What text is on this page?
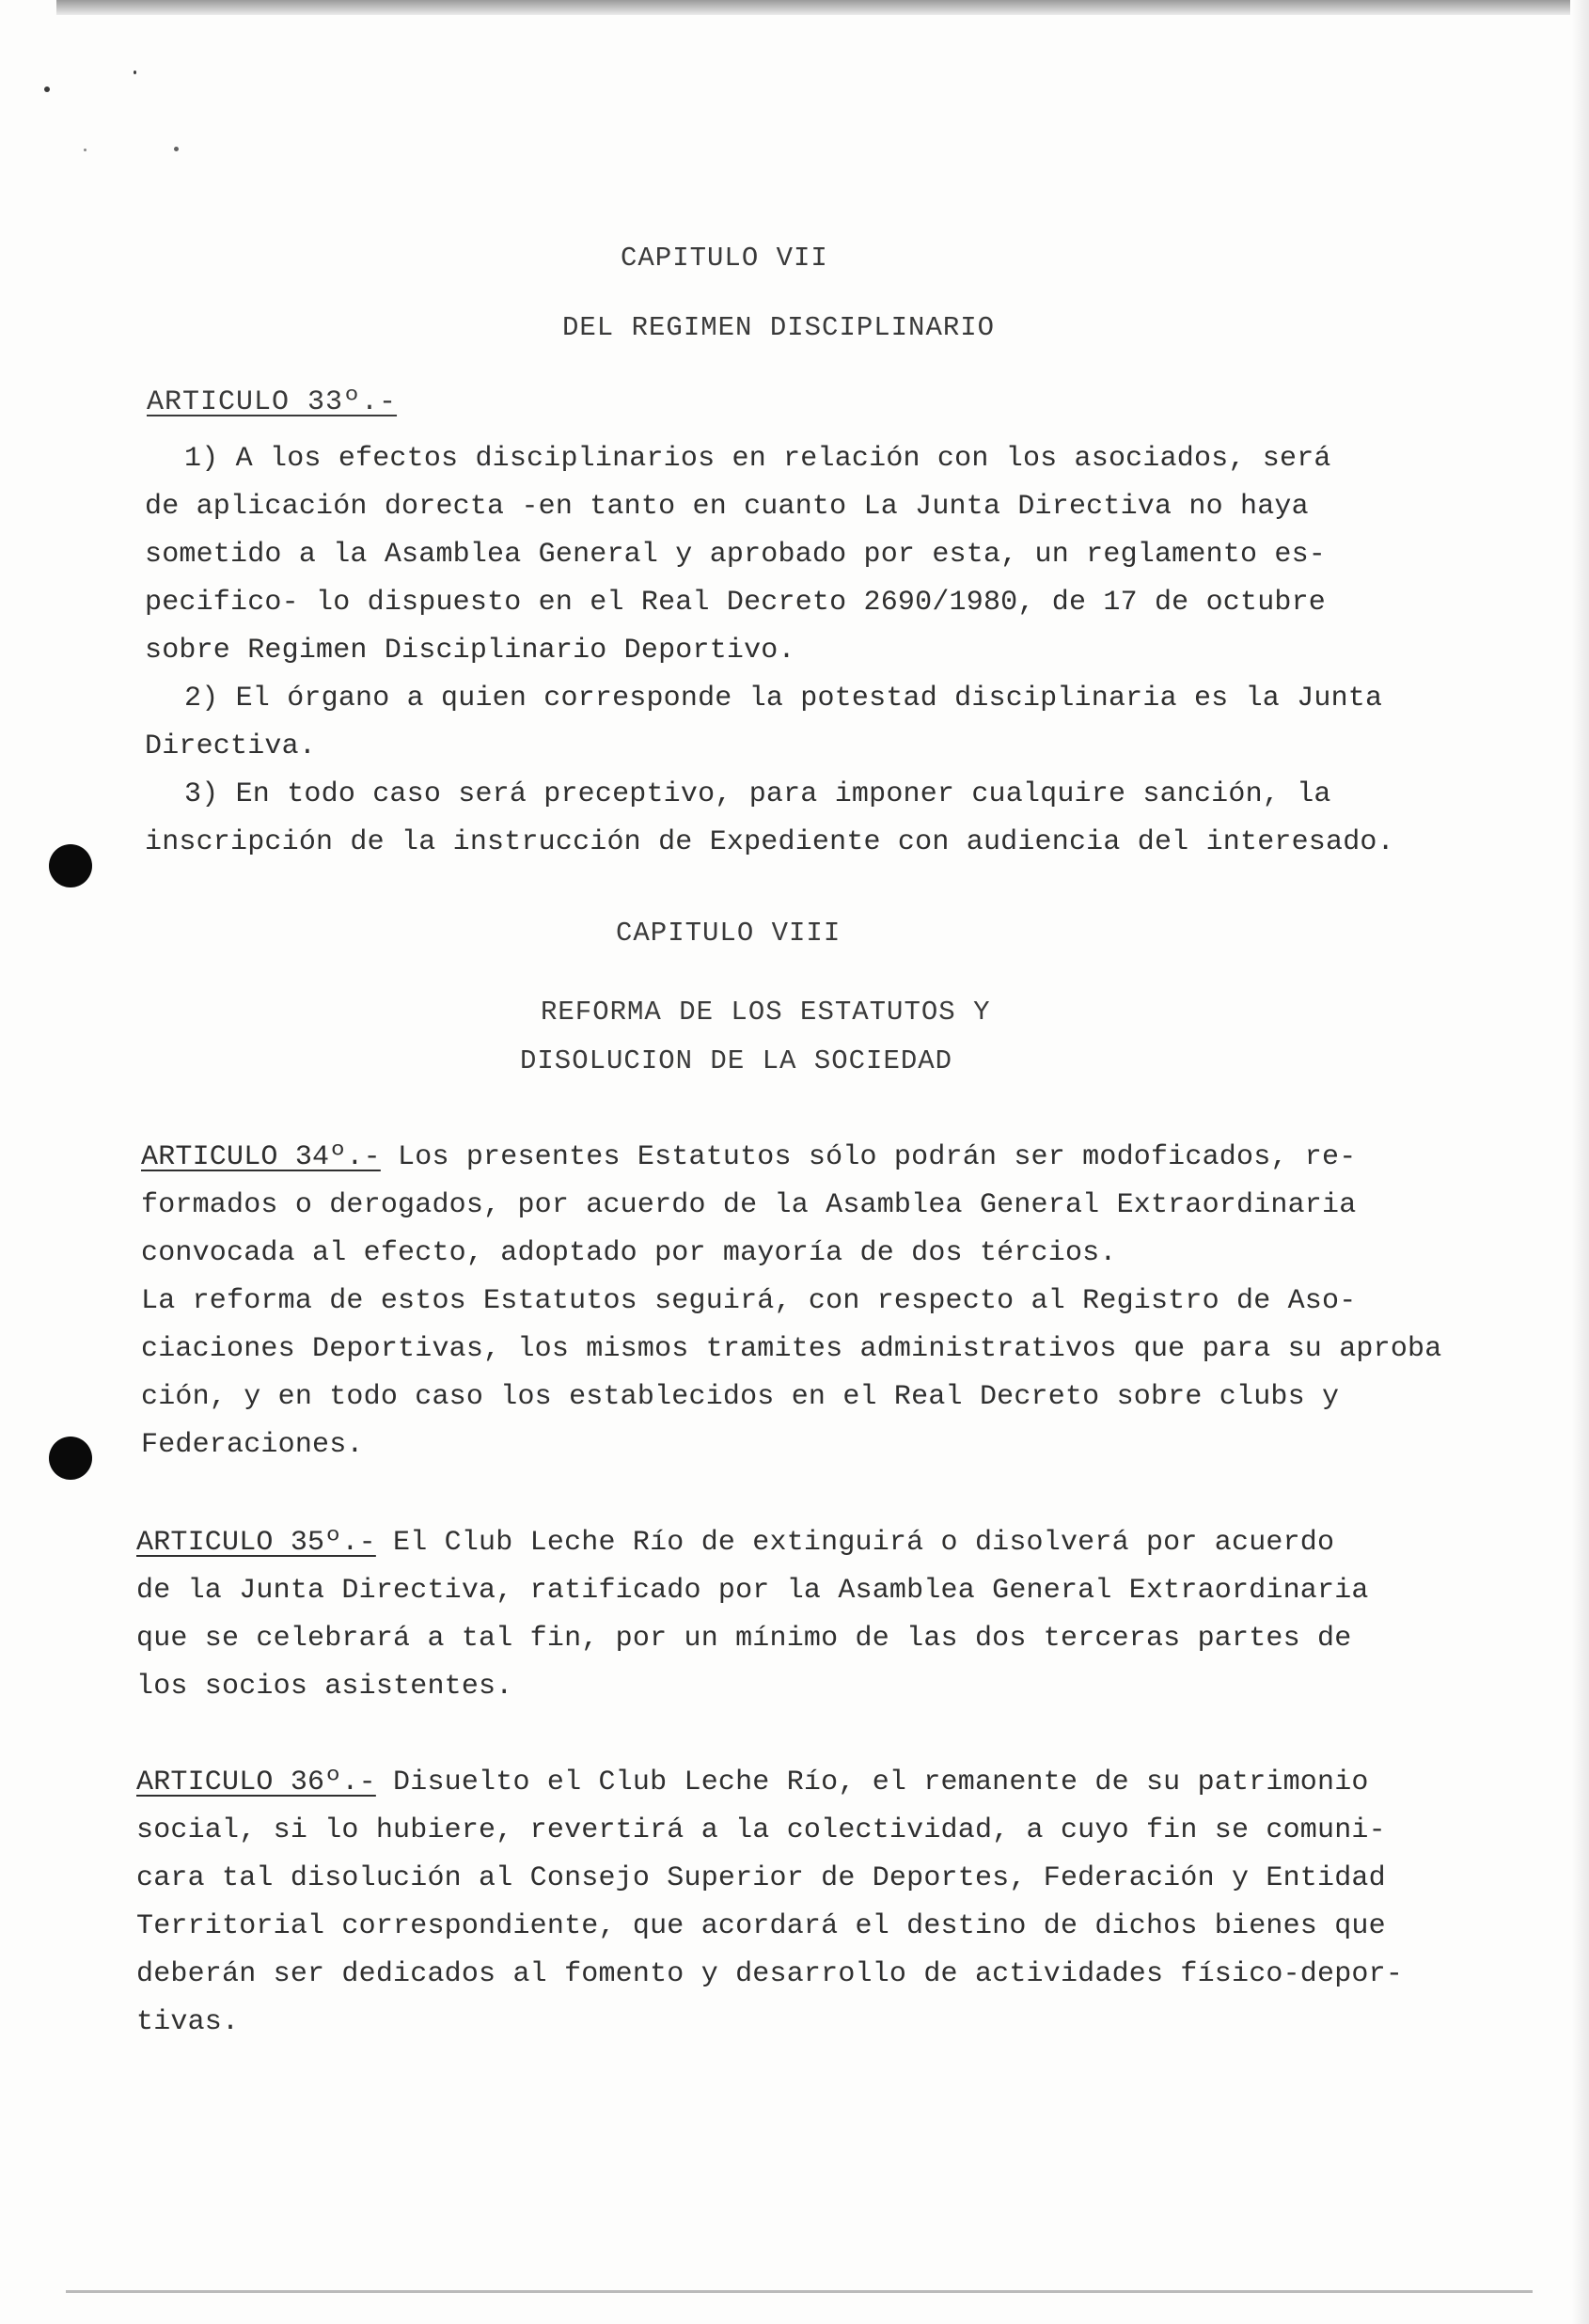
CAPITULO VII
DEL REGIMEN DISCIPLINARIO
ARTICULO 33º.-
1) A los efectos disciplinarios en relación con los asociados, será
de aplicación dorecta -en tanto en cuanto La Junta Directiva no haya
sometido a la Asamblea General y aprobado por esta, un reglamento es-
pecifico- lo dispuesto en el Real Decreto 2690/1980, de 17 de octubre
sobre Regimen Disciplinario Deportivo.
2) El órgano a quien corresponde la potestad disciplinaria es la Junta
Directiva.
3) En todo caso será preceptivo, para imponer cualquire sanción, la
inscripción de la instrucción de Expediente con audiencia del interesado.
CAPITULO VIII
REFORMA DE LOS ESTATUTOS Y
DISOLUCION DE LA SOCIEDAD
ARTICULO 34º.- Los presentes Estatutos sólo podrán ser modoficados, re-
formados o derogados, por acuerdo de la Asamblea General Extraordinaria
convocada al efecto, adoptado por mayoría de dos tércios.
La reforma de estos Estatutos seguirá, con respecto al Registro de Aso-
ciaciones Deportivas, los mismos tramites administrativos que para su aproba
ción, y en todo caso los establecidos en el Real Decreto sobre clubs y
Federaciones.
ARTICULO 35º.- El Club Leche Río de extinguirá o disolverá por acuerdo
de la Junta Directiva, ratificado por la Asamblea General Extraordinaria
que se celebrará a tal fin, por un mínimo de las dos terceras partes de
los socios asistentes.
ARTICULO 36º.- Disuelto el Club Leche Río, el remanente de su patrimonio
social, si lo hubiere, revertirá a la colectividad, a cuyo fin se comuni-
cara tal disolución al Consejo Superior de Deportes, Federación y Entidad
Territorial correspondiente, que acordará el destino de dichos bienes que
deberán ser dedicados al fomento y desarrollo de actividades físico-depor-
tivas.
